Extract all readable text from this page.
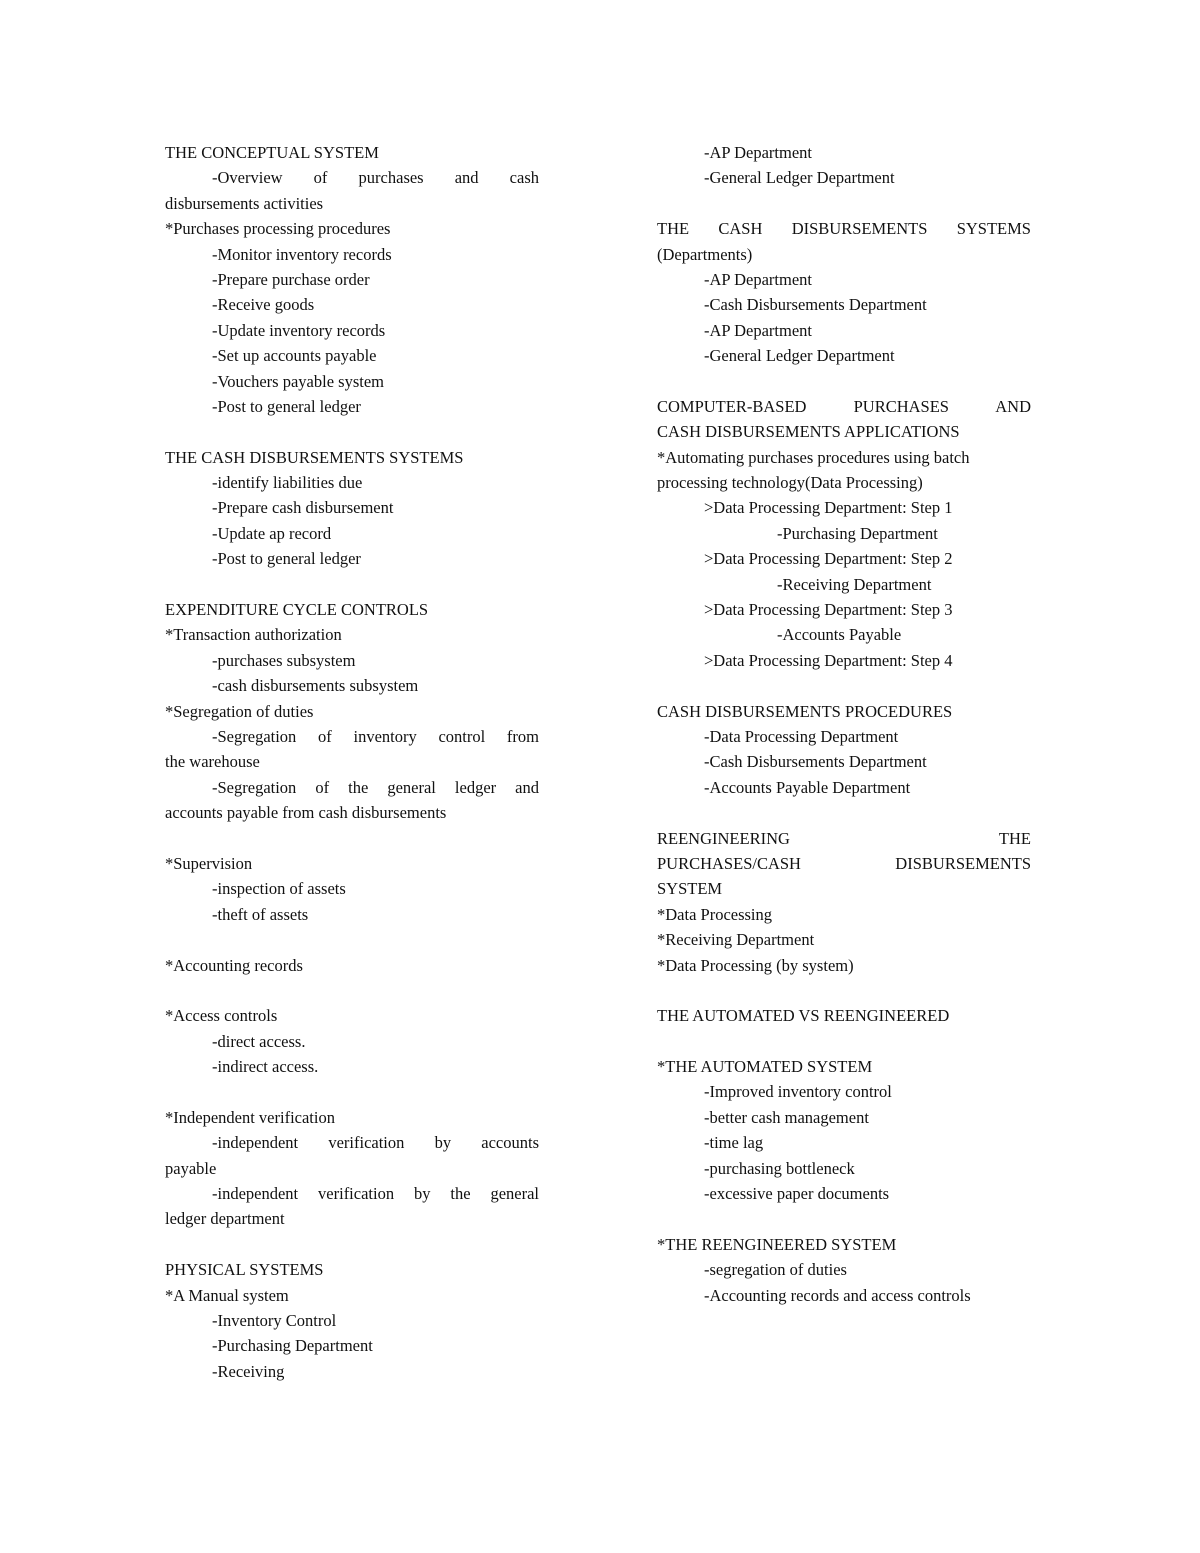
THE CONCEPTUAL SYSTEM
-Overview of purchases and cash
disbursements activities
*Purchases processing procedures
-Monitor inventory records
-Prepare purchase order
-Receive goods
-Update inventory records
-Set up accounts payable
-Vouchers payable system
-Post to general ledger
THE CASH DISBURSEMENTS SYSTEMS
-identify liabilities due
-Prepare cash disbursement
-Update ap record
-Post to general ledger
EXPENDITURE CYCLE CONTROLS
*Transaction authorization
-purchases subsystem
-cash disbursements subsystem
*Segregation of duties
-Segregation of inventory control from
the warehouse
-Segregation of the general ledger and
accounts payable from cash disbursements
*Supervision
-inspection of assets
-theft of assets
*Accounting records
*Access controls
-direct access.
-indirect access.
*Independent verification
-independent verification by accounts
payable
-independent verification by the general
ledger department
PHYSICAL SYSTEMS
*A Manual system
-Inventory Control
-Purchasing Department
-Receiving
-AP Department
-General Ledger Department
THE CASH DISBURSEMENTS SYSTEMS
(Departments)
-AP Department
-Cash Disbursements Department
-AP Department
-General Ledger Department
COMPUTER-BASED PURCHASES AND
CASH DISBURSEMENTS APPLICATIONS
*Automating purchases procedures using batch
processing technology(Data Processing)
>Data Processing Department: Step 1
-Purchasing Department
>Data Processing Department: Step 2
-Receiving Department
>Data Processing Department: Step 3
-Accounts Payable
>Data Processing Department: Step 4
CASH DISBURSEMENTS PROCEDURES
-Data Processing Department
-Cash Disbursements Department
-Accounts Payable Department
REENGINEERING THE
PURCHASES/CASH DISBURSEMENTS
SYSTEM
*Data Processing
*Receiving Department
*Data Processing (by system)
THE AUTOMATED VS REENGINEERED
*THE AUTOMATED SYSTEM
-Improved inventory control
-better cash management
-time lag
-purchasing bottleneck
-excessive paper documents
*THE REENGINEERED SYSTEM
-segregation of duties
-Accounting records and access controls
